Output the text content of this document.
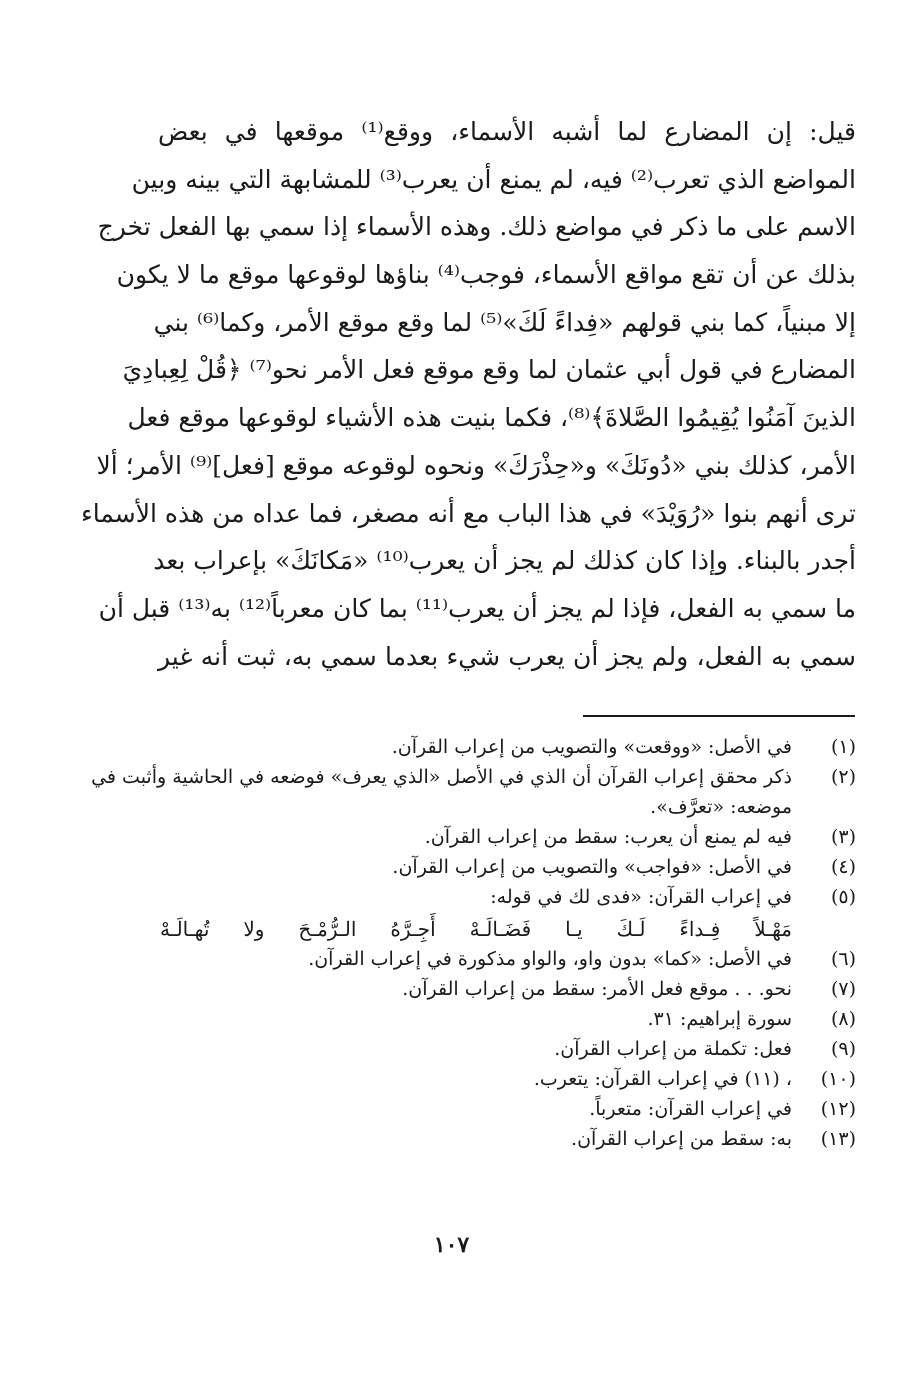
قيل: إن المضارع لما أشبه الأسماء، ووقع⁽¹⁾ موقعها في بعض
المواضع الذي تعرب⁽²⁾ فيه، لم يمنع أن يعرب⁽³⁾ للمشابهة التي بينه وبين
الاسم على ما ذكر في مواضع ذلك. وهذه الأسماء إذا سمي بها الفعل تخرج
بذلك عن أن تقع مواقع الأسماء، فوجب⁽⁴⁾ بناؤها لوقوعها موقع ما لا يكون
إلا مبنياً، كما بني قولهم «فِداءً لَكَ»⁽⁵⁾ لما وقع موقع الأمر، وكما⁽⁶⁾ بني
المضارع في قول أبي عثمان لما وقع موقع فعل الأمر نحو⁽⁷⁾ ﴿قُلْ لِعِبادِيَ
الذينَ آمَنُوا يُقِيمُوا الصَّلاةَ﴾⁽⁸⁾، فكما بنيت هذه الأشياء لوقوعها موقع فعل
الأمر، كذلك بني «دُونَكَ» و«حِذْرَكَ» ونحوه لوقوعه موقع [فعل]⁽⁹⁾ الأمر؛ ألا
ترى أنهم بنوا «رُوَيْدَ» في هذا الباب مع أنه مصغر، فما عداه من هذه الأسماء
أجدر بالبناء. وإذا كان كذلك لم يجز أن يعرب⁽¹⁰⁾ «مَكانَكَ» بإعراب بعد
ما سمي به الفعل، فإذا لم يجز أن يعرب⁽¹¹⁾ بما كان معرباً⁽¹²⁾ به⁽¹³⁾ قبل أن
سمي به الفعل، ولم يجز أن يعرب شيء بعدما سمي به، ثبت أنه غير
(١)
في الأصل: «ووقعت» والتصويب من إعراب القرآن.
(٢)
ذكر محقق إعراب القرآن أن الذي في الأصل «الذي يعرف» فوضعه في الحاشية وأثبت في
موضعه: «تعرَّف».
(٣)
فيه لم يمنع أن يعرب: سقط من إعراب القرآن.
(٤)
في الأصل: «فواجب» والتصويب من إعراب القرآن.
(٥)
في إعراب القرآن: «فدى لك في قوله:
مَهْـلاً فِـداءً لَـكَ يـا فَضَـالَـهْ أَجِـرَّهُ الـرُّمْـحَ ولا تُهـالَـهْ
(٦)
في الأصل: «كما» بدون واو، والواو مذكورة في إعراب القرآن.
(٧)
نحو. . . موقع فعل الأمر: سقط من إعراب القرآن.
(٨)
سورة إبراهيم: ٣١.
(٩)
فعل: تكملة من إعراب القرآن.
(١٠)
، (١١) في إعراب القرآن: يتعرب.
(١٢)
في إعراب القرآن: متعرباً.
(١٣)
به: سقط من إعراب القرآن.
١٠٧
